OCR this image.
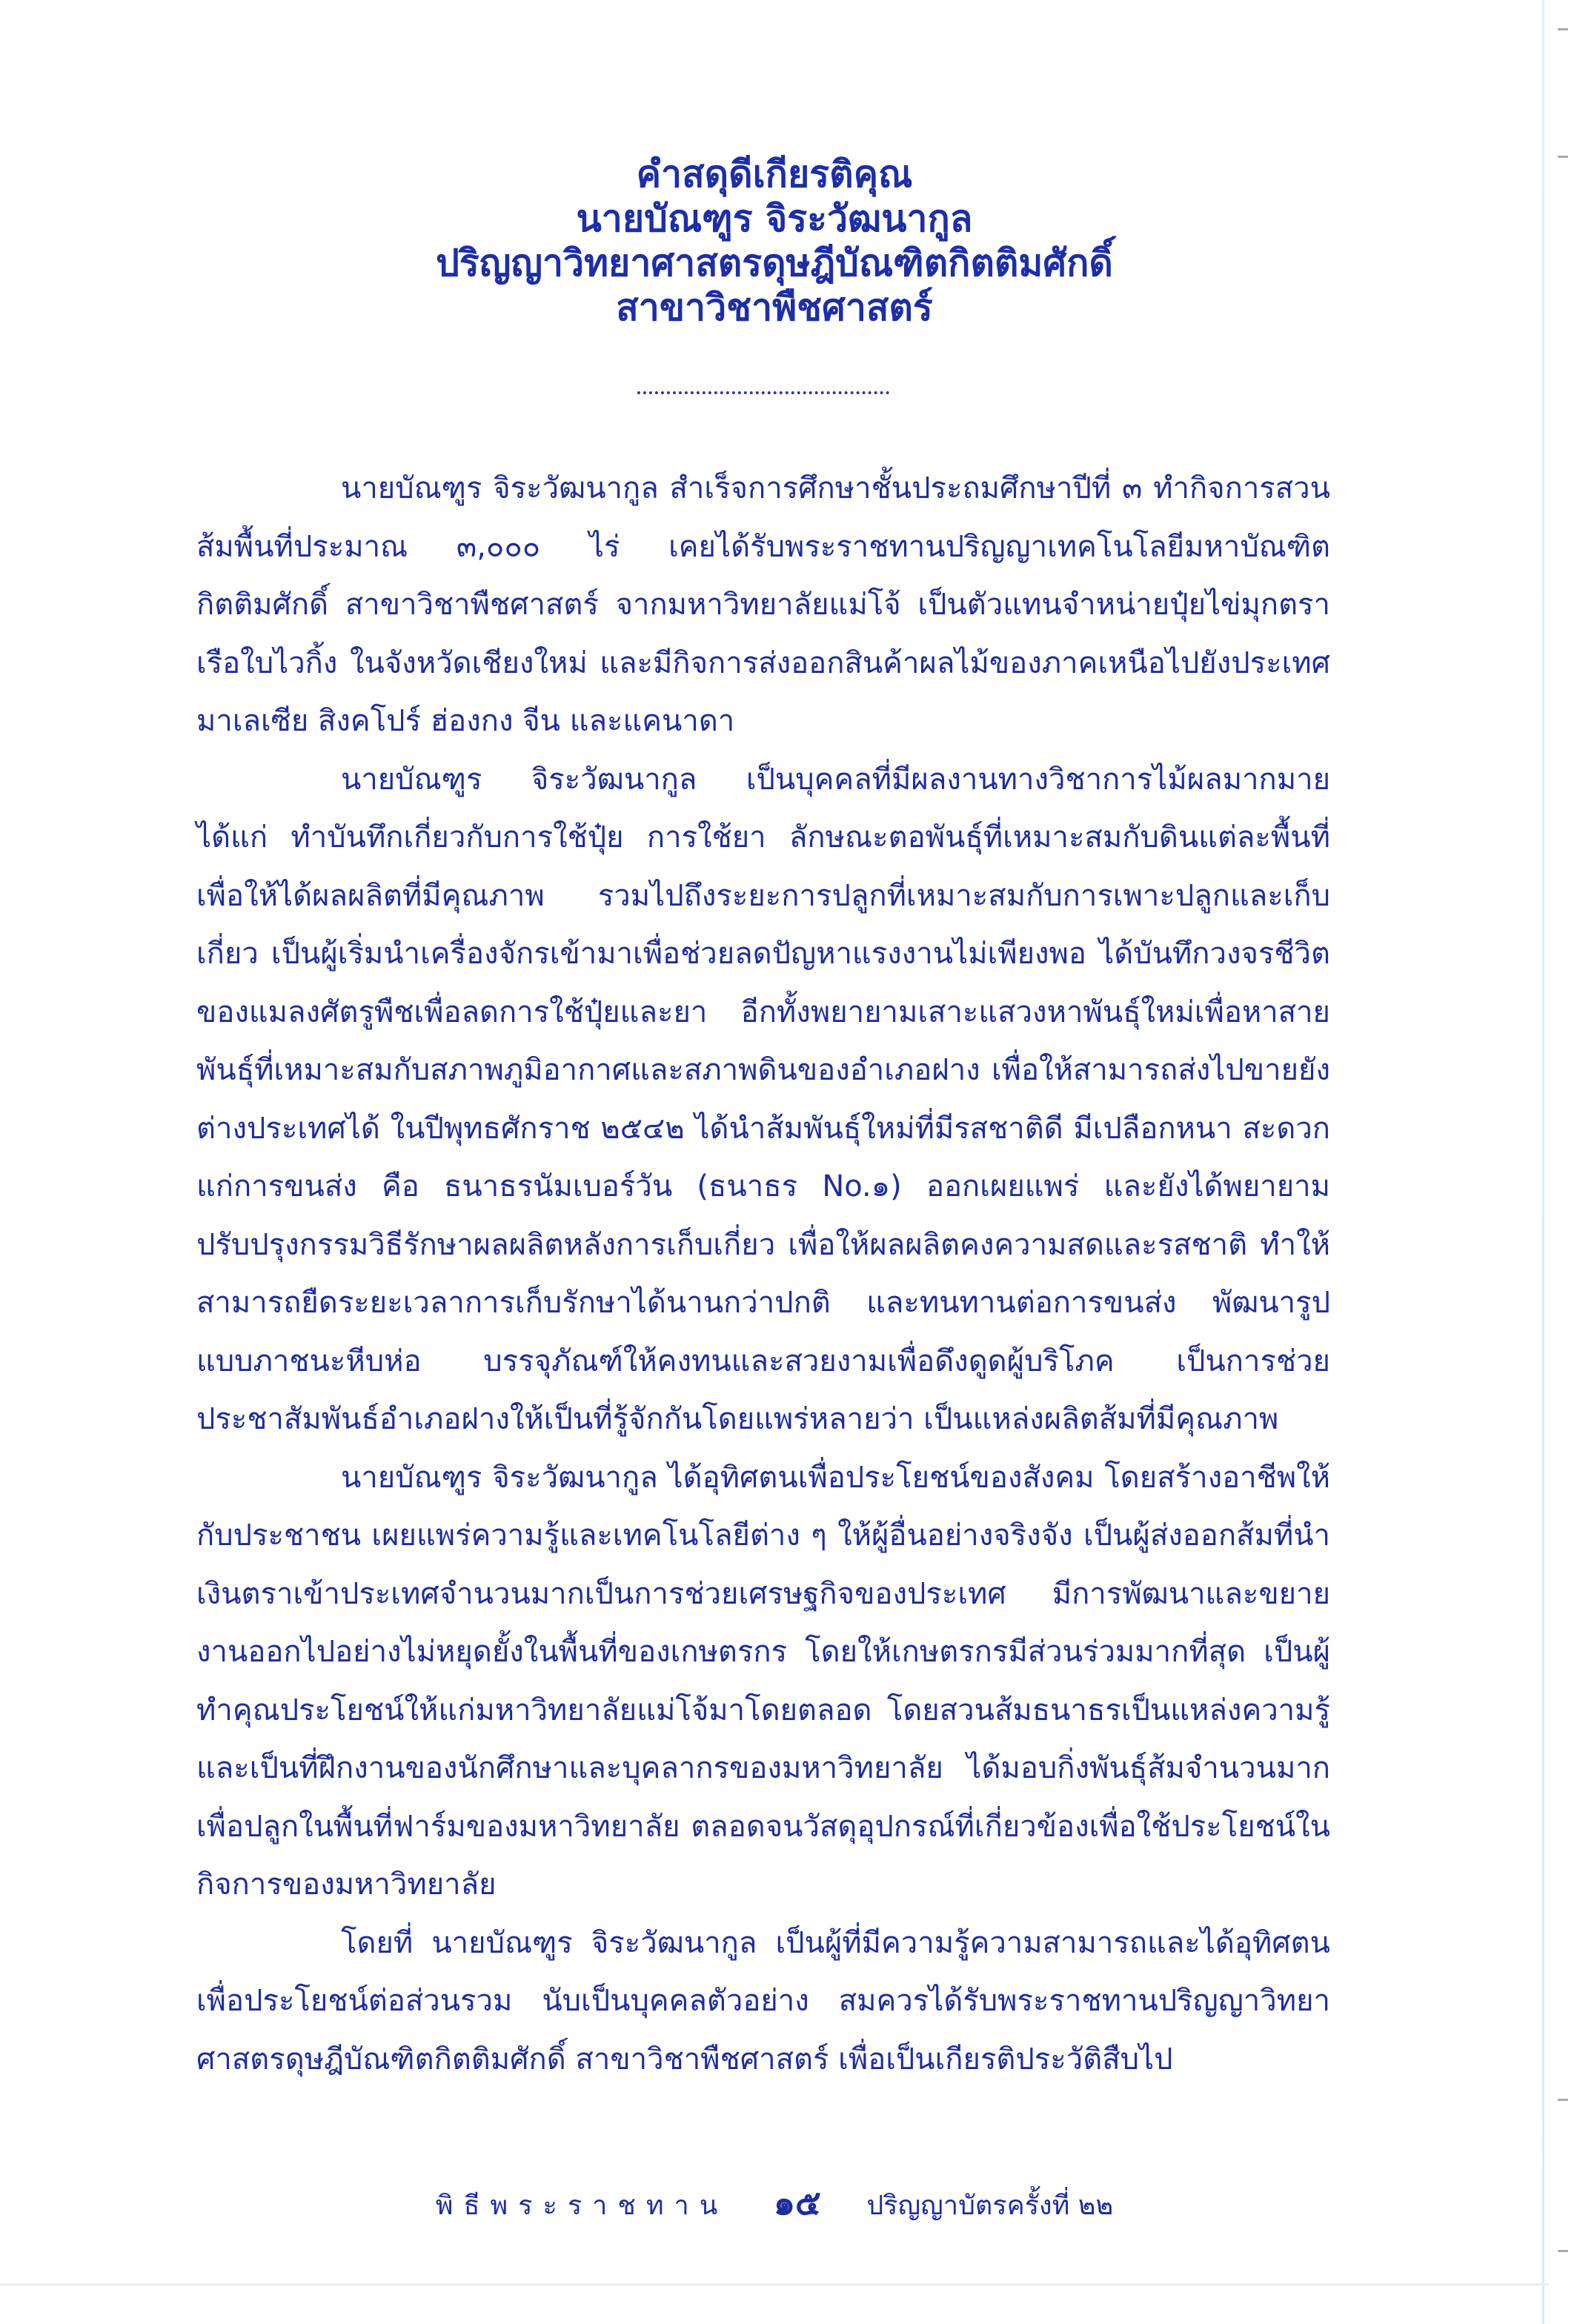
คำสดุดีเกียรติคุณ
นายบัณฑูร จิระวัฒนากูล
ปริญญาวิทยาศาสตรดุษฎีบัณฑิตกิตติมศักดิ์
สาขาวิชาพืชศาสตร์

นายบัณฑูร จิระวัฒนากูล สำเร็จการศึกษาชั้นประถมศึกษาปีที่ ๓ ทำกิจการสวนส้มพื้นที่ประมาณ ๓,๐๐๐ ไร่ เคยได้รับพระราชทานปริญญาเทคโนโลยีมหาบัณฑิตกิตติมศักดิ์ สาขาวิชาพืชศาสตร์ จากมหาวิทยาลัยแม่โจ้ เป็นตัวแทนจำหน่ายปุ๋ยไข่มุกตราเรือใบไวกิ้ง ในจังหวัดเชียงใหม่ และมีกิจการส่งออกสินค้าผลไม้ของภาคเหนือไปยังประเทศมาเลเซีย สิงคโปร์ ฮ่องกง จีน และแคนาดา

นายบัณฑูร จิระวัฒนากูล เป็นบุคคลที่มีผลงานทางวิชาการไม้ผลมากมาย ได้แก่ ทำบันทึกเกี่ยวกับการใช้ปุ๋ย การใช้ยา ลักษณะตอพันธุ์ที่เหมาะสมกับดินแต่ละพื้นที่ เพื่อให้ได้ผลผลิตที่มีคุณภาพ รวมไปถึงระยะการปลูกที่เหมาะสมกับการเพาะปลูกและเก็บเกี่ยว เป็นผู้เริ่มนำเครื่องจักรเข้ามาเพื่อช่วยลดปัญหาแรงงานไม่เพียงพอ ได้บันทึกวงจรชีวิตของแมลงศัตรูพืชเพื่อลดการใช้ปุ๋ยและยา อีกทั้งพยายามเสาะแสวงหาพันธุ์ใหม่เพื่อหาสายพันธุ์ที่เหมาะสมกับสภาพภูมิอากาศและสภาพดินของอำเภอฝาง เพื่อให้สามารถส่งไปขายยังต่างประเทศได้ ในปีพุทธศักราช ๒๕๔๒ ได้นำส้มพันธุ์ใหม่ที่มีรสชาติดี มีเปลือกหนา สะดวกแก่การขนส่ง คือ ธนาธรนัมเบอร์วัน (ธนาธร No.๑) ออกเผยแพร่ และยังได้พยายามปรับปรุงกรรมวิธีรักษาผลผลิตหลังการเก็บเกี่ยว เพื่อให้ผลผลิตคงความสดและรสชาติ ทำให้สามารถยืดระยะเวลาการเก็บรักษาได้นานกว่าปกติ และทนทานต่อการขนส่ง พัฒนารูปแบบภาชนะหีบห่อ บรรจุภัณฑ์ให้คงทนและสวยงามเพื่อดึงดูดผู้บริโภค เป็นการช่วยประชาสัมพันธ์อำเภอฝางให้เป็นที่รู้จักกันโดยแพร่หลายว่า เป็นแหล่งผลิตส้มที่มีคุณภาพ

นายบัณฑูร จิระวัฒนากูล ได้อุทิศตนเพื่อประโยชน์ของสังคม โดยสร้างอาชีพให้กับประชาชน เผยแพร่ความรู้และเทคโนโลยีต่าง ๆ ให้ผู้อื่นอย่างจริงจัง เป็นผู้ส่งออกส้มที่นำเงินตราเข้าประเทศจำนวนมากเป็นการช่วยเศรษฐกิจของประเทศ มีการพัฒนาและขยายงานออกไปอย่างไม่หยุดยั้งในพื้นที่ของเกษตรกร โดยให้เกษตรกรมีส่วนร่วมมากที่สุด เป็นผู้ทำคุณประโยชน์ให้แก่มหาวิทยาลัยแม่โจ้มาโดยตลอด โดยสวนส้มธนาธรเป็นแหล่งความรู้ และเป็นที่ฝึกงานของนักศึกษาและบุคลากรของมหาวิทยาลัย ได้มอบกิ่งพันธุ์ส้มจำนวนมาก เพื่อปลูกในพื้นที่ฟาร์มของมหาวิทยาลัย ตลอดจนวัสดุอุปกรณ์ที่เกี่ยวข้องเพื่อใช้ประโยชน์ในกิจการของมหาวิทยาลัย

โดยที่ นายบัณฑูร จิระวัฒนากูล เป็นผู้ที่มีความรู้ความสามารถและได้อุทิศตนเพื่อประโยชน์ต่อส่วนรวม นับเป็นบุคคลตัวอย่าง สมควรได้รับพระราชทานปริญญาวิทยาศาสตรดุษฎีบัณฑิตกิตติมศักดิ์ สาขาวิชาพืชศาสตร์ เพื่อเป็นเกียรติประวัติสืบไป

พิธีพระราชทาน ๑๕ ปริญญาบัตรครั้งที่ ๒๒
